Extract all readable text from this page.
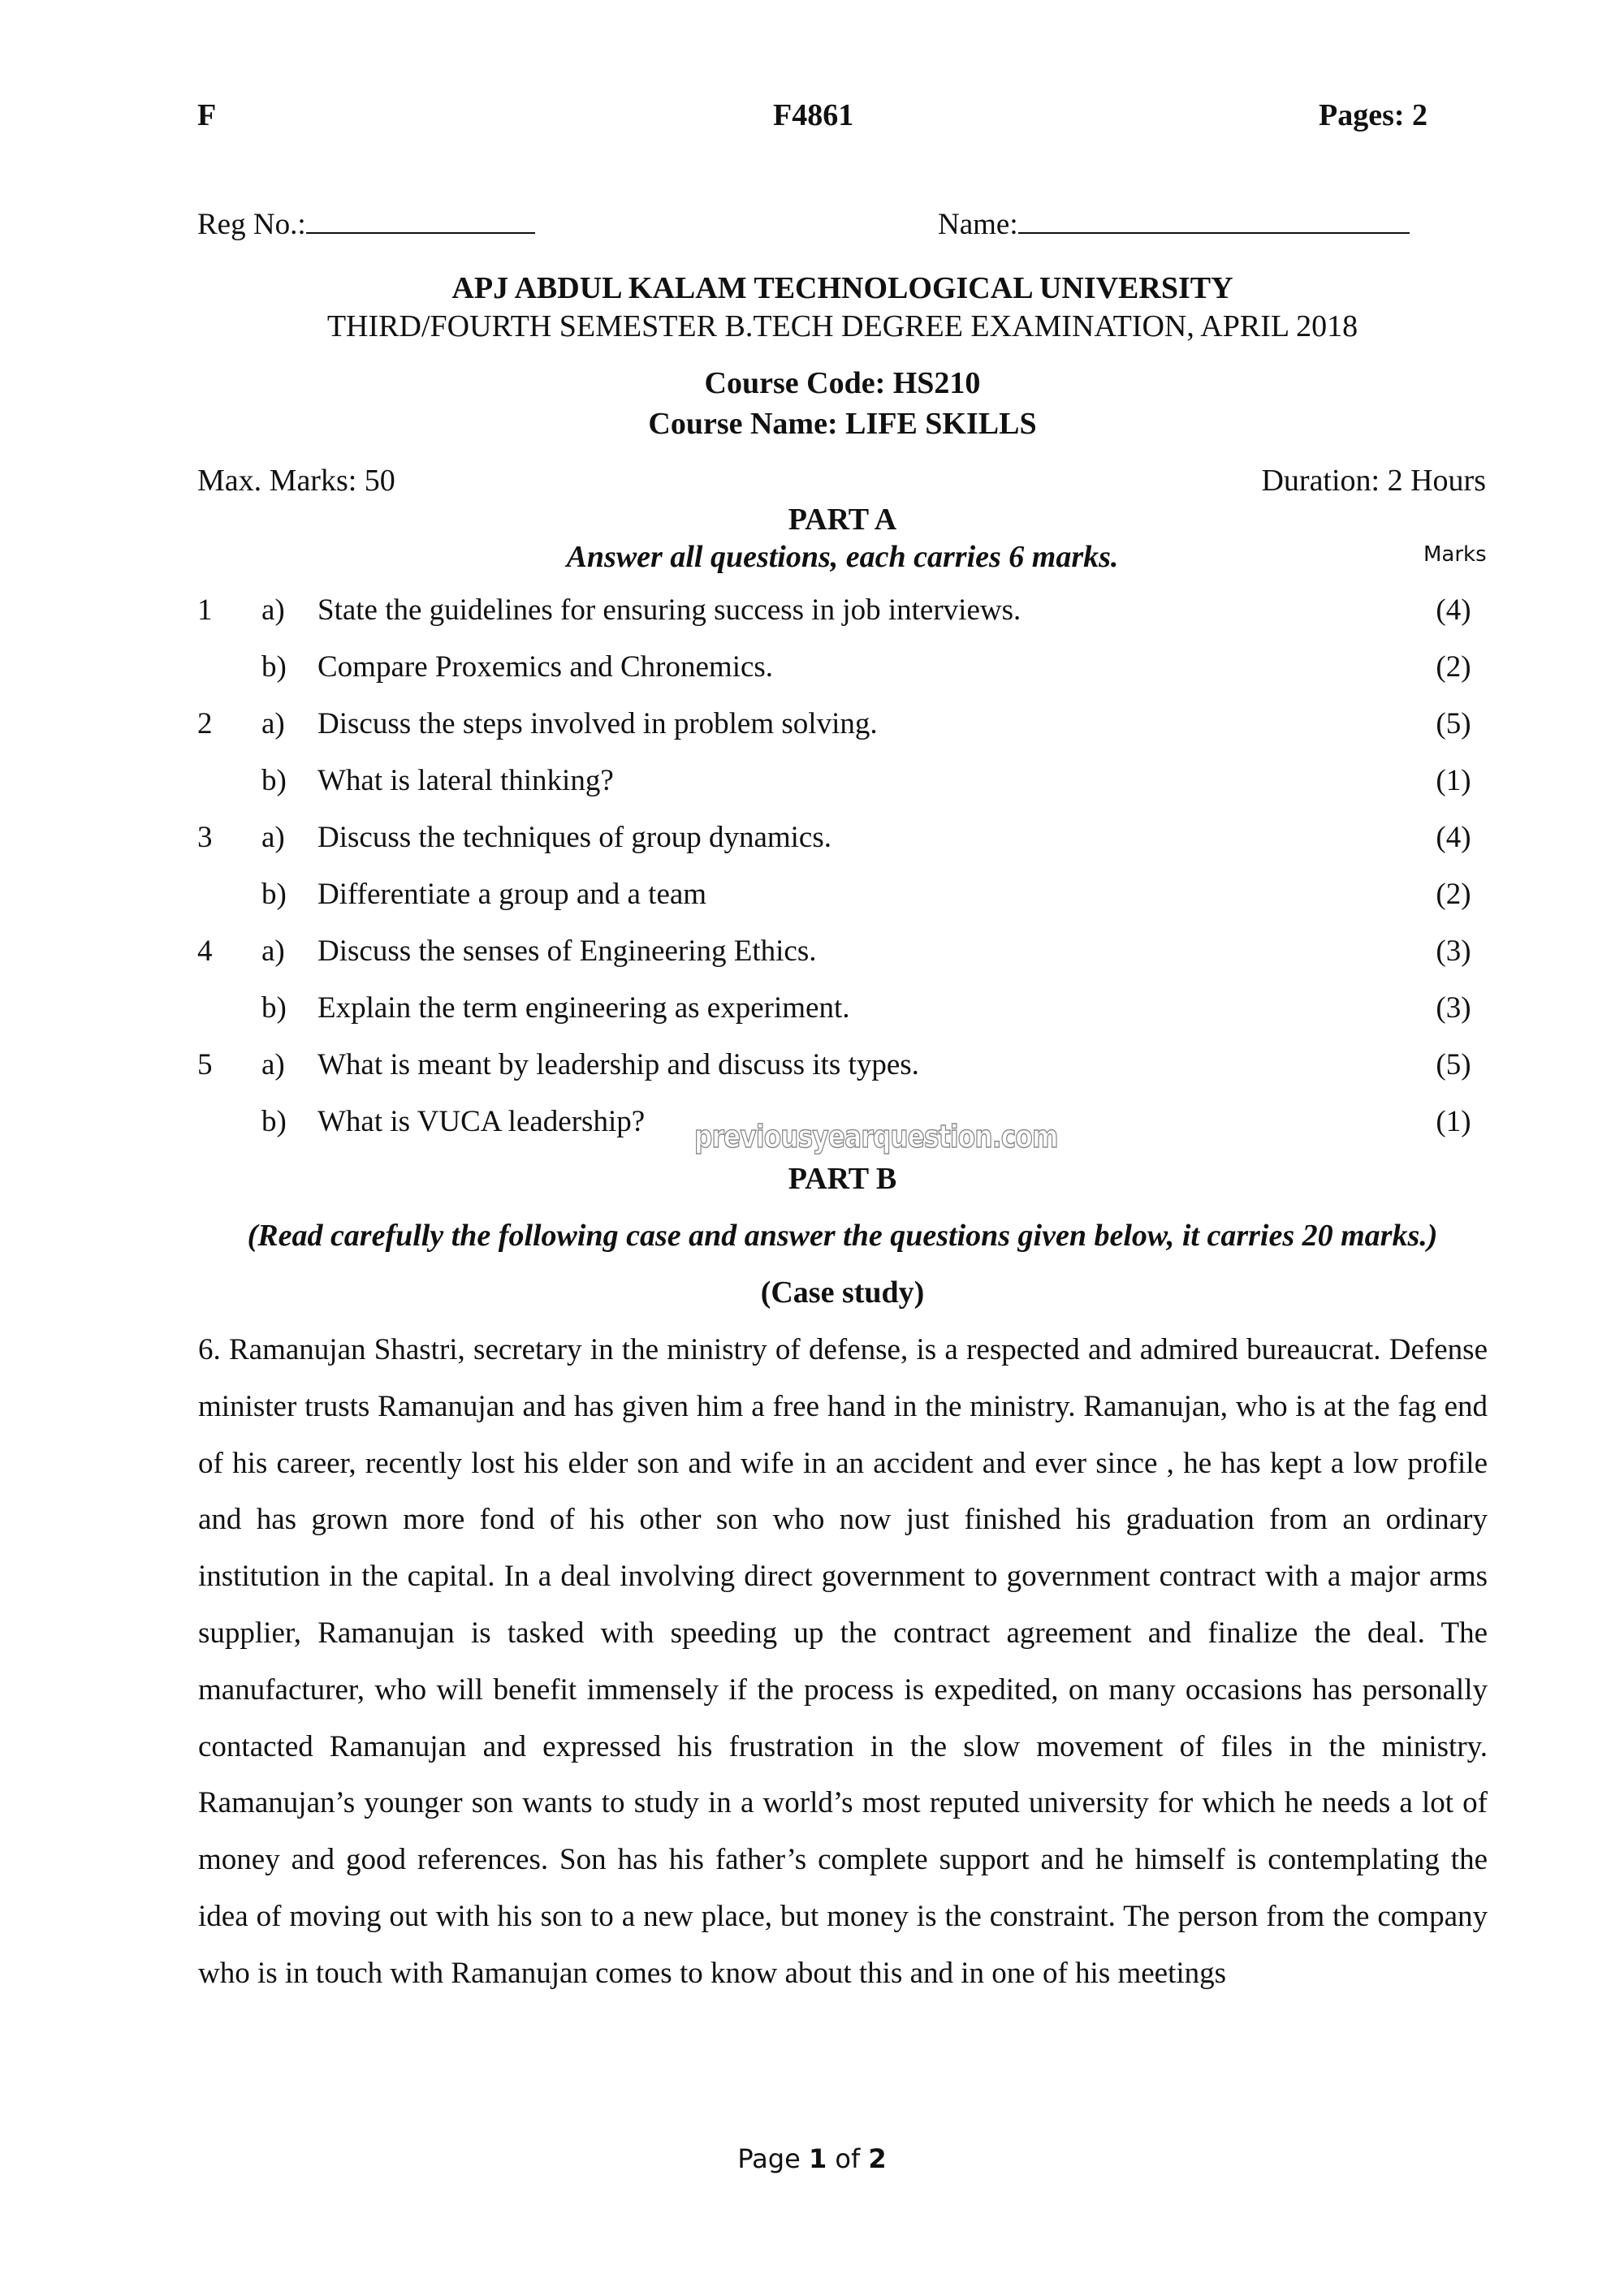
F	F4861	Pages: 2
Reg No.:	Name:
APJ ABDUL KALAM TECHNOLOGICAL UNIVERSITY
THIRD/FOURTH SEMESTER B.TECH DEGREE EXAMINATION, APRIL 2018
Course Code: HS210
Course Name: LIFE SKILLS
Max. Marks: 50	Duration: 2 Hours
PART A
Answer all questions, each carries 6 marks.	Marks
1 a) State the guidelines for ensuring success in job interviews.	(4)
b) Compare Proxemics and Chronemics.	(2)
2 a) Discuss the steps involved in problem solving.	(5)
b) What is lateral thinking?	(1)
3 a) Discuss the techniques of group dynamics.	(4)
b) Differentiate a group and a team	(2)
4 a) Discuss the senses of Engineering Ethics.	(3)
b) Explain the term engineering as experiment.	(3)
5 a) What is meant by leadership and discuss its types.	(5)
b) What is VUCA leadership?	(1)
previousyearquestion.com
PART B
(Read carefully the following case and answer the questions given below, it carries 20 marks.)
(Case study)
6. Ramanujan Shastri, secretary in the ministry of defense, is a respected and admired bureaucrat. Defense minister trusts Ramanujan and has given him a free hand in the ministry. Ramanujan, who is at the fag end of his career, recently lost his elder son and wife in an accident and ever since , he has kept a low profile and has grown more fond of his other son who now just finished his graduation from an ordinary institution in the capital. In a deal involving direct government to government contract with a major arms supplier, Ramanujan is tasked with speeding up the contract agreement and finalize the deal. The manufacturer, who will benefit immensely if the process is expedited, on many occasions has personally contacted Ramanujan and expressed his frustration in the slow movement of files in the ministry. Ramanujan’s younger son wants to study in a world’s most reputed university for which he needs a lot of money and good references. Son has his father’s complete support and he himself is contemplating the idea of moving out with his son to a new place, but money is the constraint. The person from the company who is in touch with Ramanujan comes to know about this and in one of his meetings
Page 1 of 2
